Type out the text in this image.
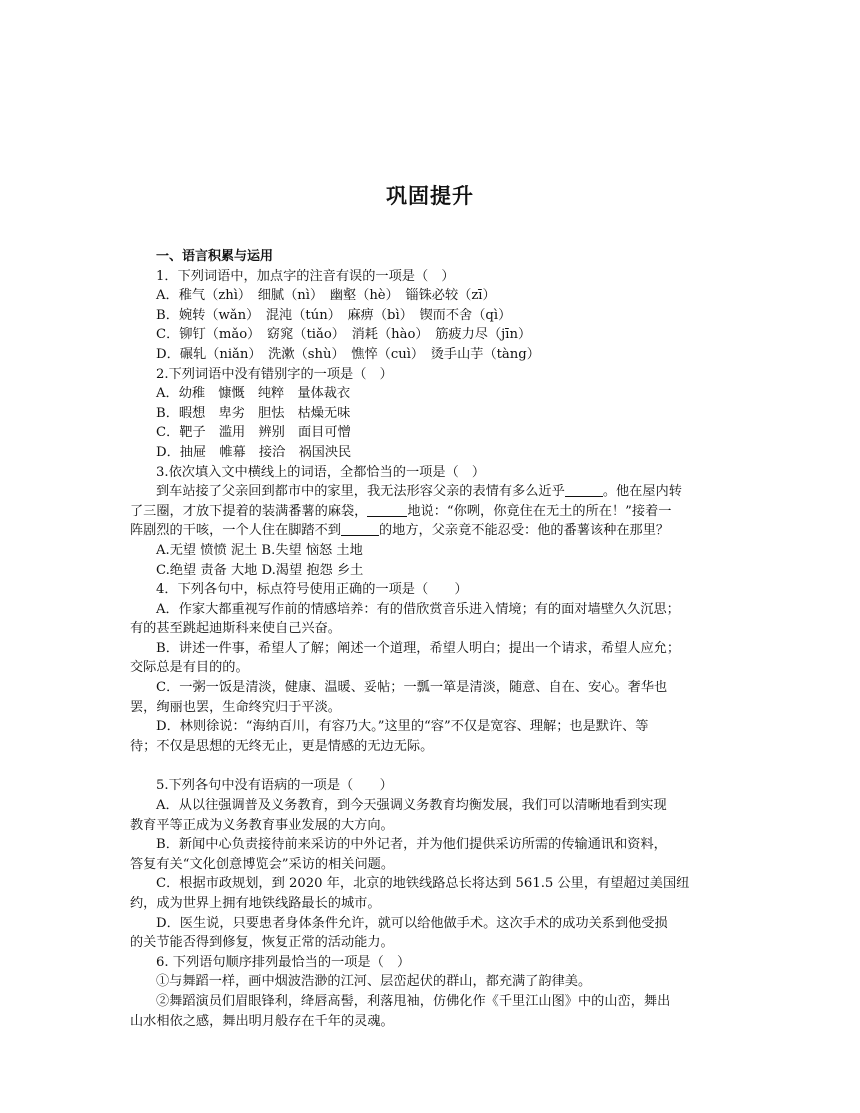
巩固提升
一、语言积累与运用
1．下列词语中，加点字的注音有误的一项是（　）
A．稚气（zhì）　细腻（nì）　幽壑（hè）　锱铢必较（zī）
B．婉转（wǎn）　混沌（tún）　麻痹（bì）　锲而不舍（qì）
C．铆钉（mǎo）　窈窕（tiǎo）　消耗（hào）　筋疲力尽（jīn）
D．碾轧（niǎn）　洗漱（shù）　憔悴（cuì）　烫手山芋（tàng）
2.下列词语中没有错别字的一项是（　）
A．幼稚　慷慨　纯粹　量体裁衣
B．暇想　卑劣　胆怯　枯燥无味
C．靶子　滥用　辨别　面目可憎
D．抽屉　帷幕　接洽　祸国泱民
3.依次填入文中横线上的词语，全都恰当的一项是（　）
到车站接了父亲回到都市中的家里，我无法形容父亲的表情有多么近乎	。他在屋内转
了三圈，才放下提着的装满番薯的麻袋，	地说：“你咧，你竟住在无土的所在！”接着一
阵剧烈的干咳，一个人住在脚踏不到	的地方，父亲竟不能忍受：他的番薯该种在那里？
A.无望 愤愤 泥土 B.失望 恼怒 土地
C.绝望 责备 大地 D.渴望 抱怨 乡土
4．下列各句中，标点符号使用正确的一项是（　　）
A．作家大都重视写作前的情感培养：有的借欣赏音乐进入情境；有的面对墙壁久久沉思；
有的甚至跳起迪斯科来使自己兴奋。
B．讲述一件事，希望人了解；阐述一个道理，希望人明白；提出一个请求，希望人应允；
交际总是有目的的。
C．一粥一饭是清淡，健康、温暖、妥帖；一瓢一箪是清淡，随意、自在、安心。奢华也
罢，绚丽也罢，生命终究归于平淡。
D．林则徐说：“海纳百川，有容乃大。”这里的“容”不仅是宽容、理解；也是默许、等
待；不仅是思想的无终无止，更是情感的无边无际。
5.下列各句中没有语病的一项是（　　）
A．从以往强调普及义务教育，到今天强调义务教育均衡发展，我们可以清晰地看到实现
教育平等正成为义务教育事业发展的大方向。
B．新闻中心负责接待前来采访的中外记者，并为他们提供采访所需的传输通讯和资料，
答复有关“文化创意博览会”采访的相关问题。
C．根据市政规划，到 2020 年，北京的地铁线路总长将达到 561.5 公里，有望超过美国纽
约，成为世界上拥有地铁线路最长的城市。
D．医生说，只要患者身体条件允许，就可以给他做手术。这次手术的成功关系到他受损
的关节能否得到修复，恢复正常的活动能力。
6. 下列语句顺序排列最恰当的一项是（　）
①与舞蹈一样，画中烟波浩渺的江河、层峦起伏的群山，都充满了韵律美。
②舞蹈演员们眉眼锋利，绛唇高髻，利落甩袖，仿佛化作《千里江山图》中的山峦，舞出
山水相依之感，舞出明月般存在千年的灵魂。
